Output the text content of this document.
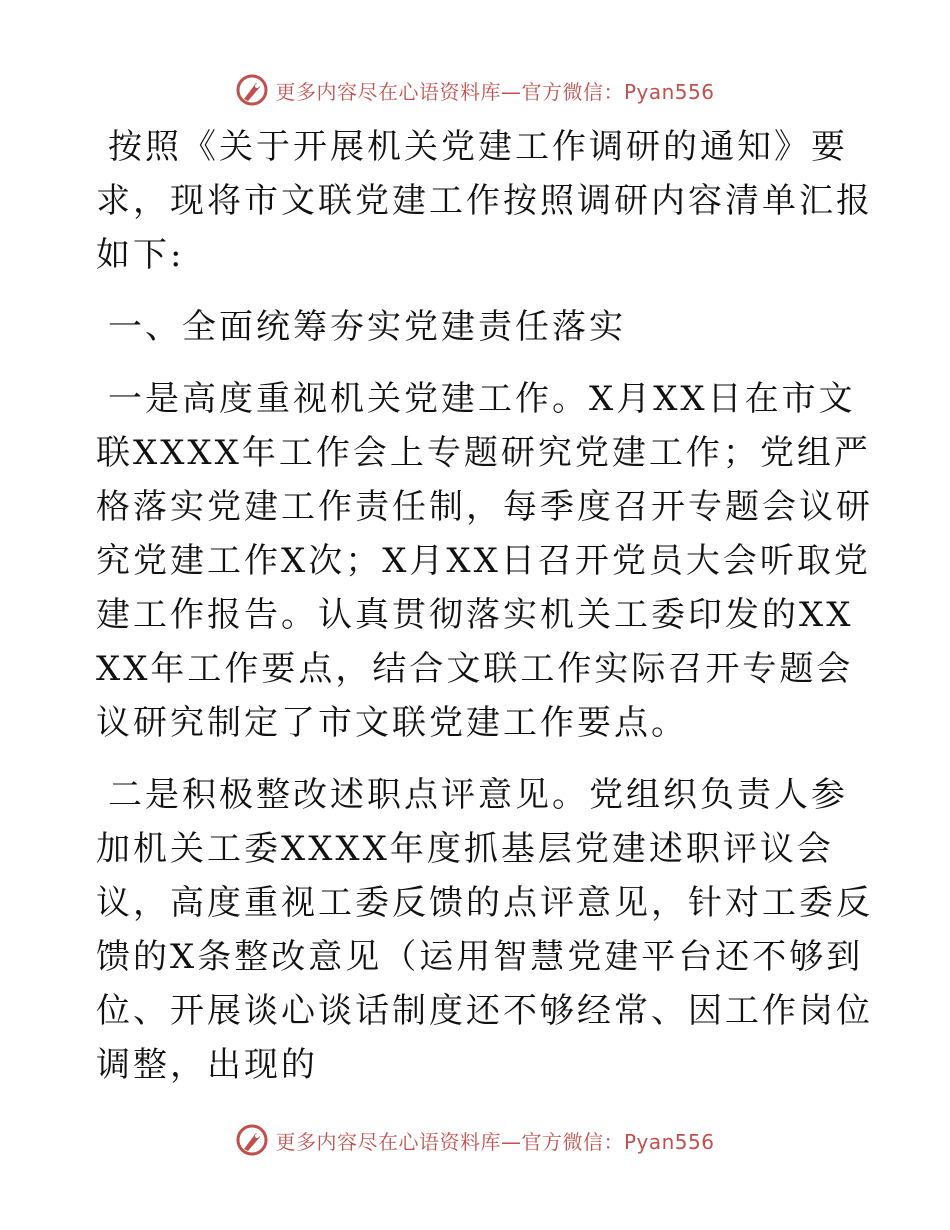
更多内容尽在心语资料库—官方微信：Pyan556

按照《关于开展机关党建工作调研的通知》要求，现将市文联党建工作按照调研内容清单汇报如下:

一、全面统筹夯实党建责任落实

一是高度重视机关党建工作。X月XX日在市文联XXXX年工作会上专题研究党建工作；党组严格落实党建工作责任制，每季度召开专题会议研究党建工作X次；X月XX日召开党员大会听取党建工作报告。认真贯彻落实机关工委印发的XXXX年工作要点，结合文联工作实际召开专题会议研究制定了市文联党建工作要点。

二是积极整改述职点评意见。党组织负责人参加机关工委XXXX年度抓基层党建述职评议会议，高度重视工委反馈的点评意见，针对工委反馈的X条整改意见（运用智慧党建平台还不够到位、开展谈心谈话制度还不够经常、因工作岗位调整，出现的

更多内容尽在心语资料库—官方微信：Pyan556
